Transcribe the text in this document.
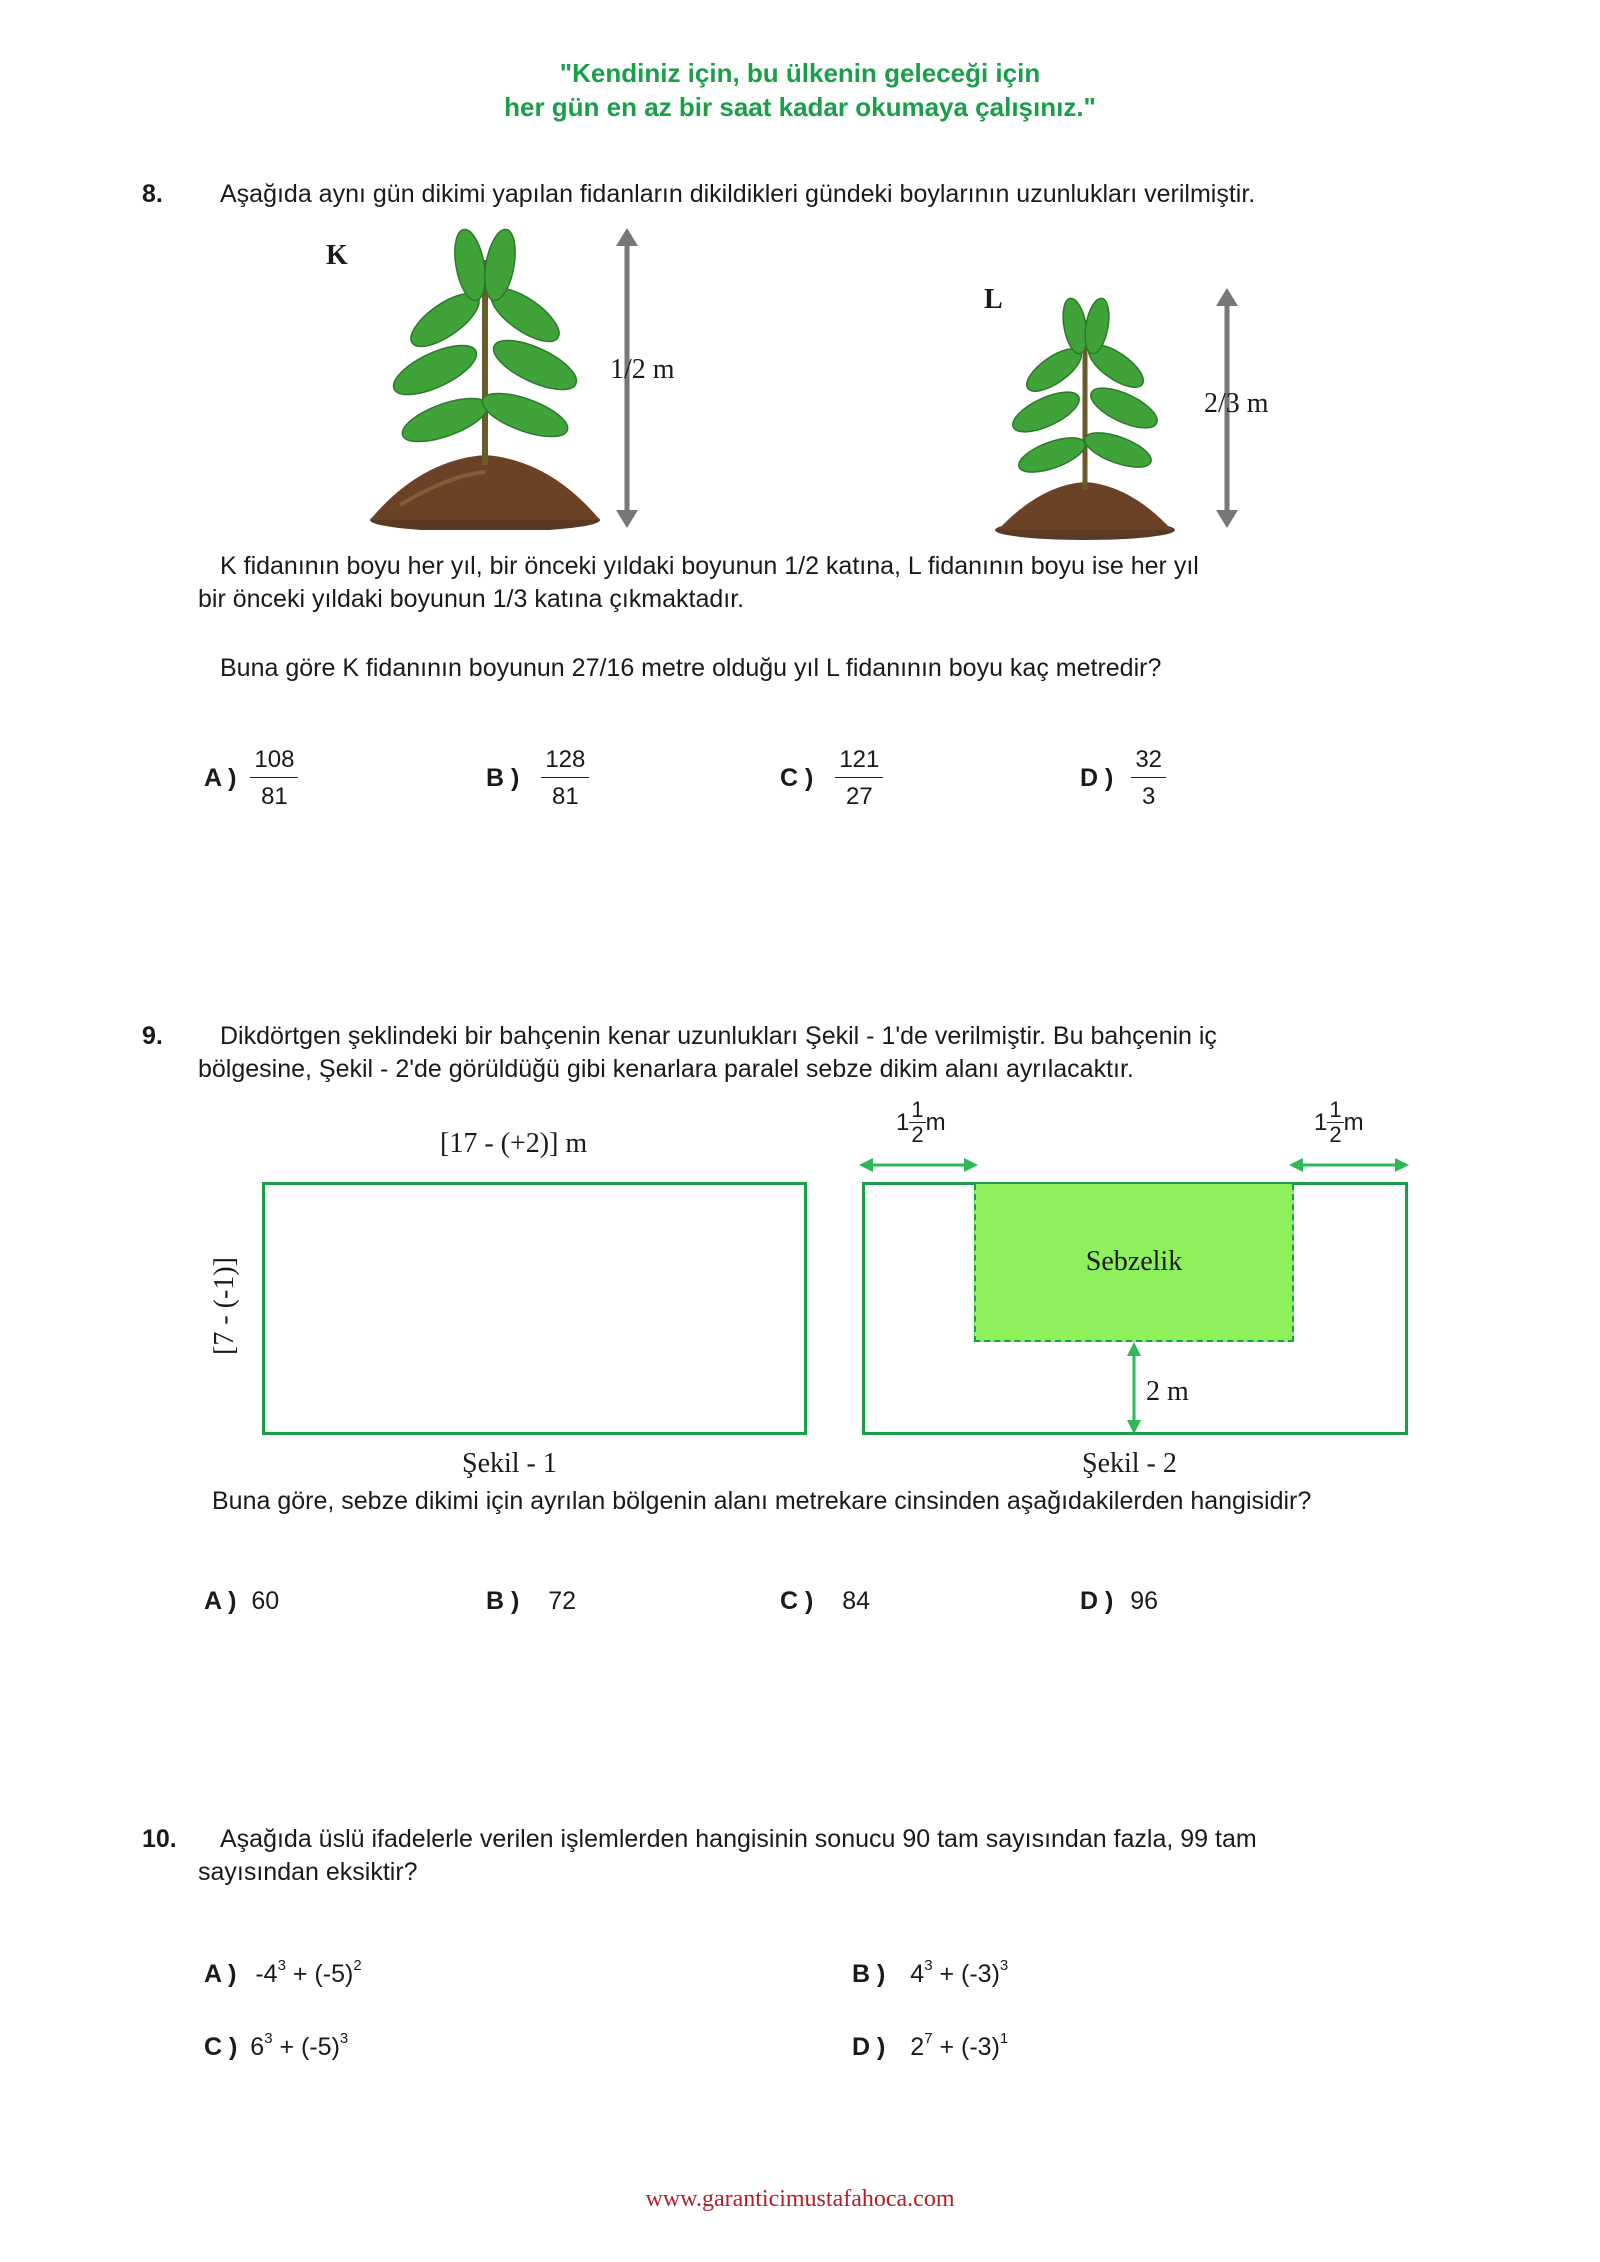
"Kendiniz için, bu ülkenin geleceği için
her gün en az bir saat kadar okumaya çalışınız."
8. Aşağıda aynı gün dikimi yapılan fidanların dikildikleri gündeki boylarının uzunlukları verilmiştir.
K
1/2 m
L
2/3 m
K fidanının boyu her yıl, bir önceki yıldaki boyunun 1/2 katına, L fidanının boyu ise her yıl
bir önceki yıldaki boyunun 1/3 katına çıkmaktadır.
Buna göre K fidanının boyunun 27/16 metre olduğu yıl L fidanının boyu kaç metredir?
A ) $\frac{108}{81}$	B ) $\frac{128}{81}$	C ) $\frac{121}{27}$	D ) $\frac{32}{3}$
9. Dikdörtgen şeklindeki bir bahçenin kenar uzunlukları Şekil - 1'de verilmiştir. Bu bahçenin iç
bölgesine, Şekil - 2'de görüldüğü gibi kenarlara paralel sebze dikim alanı ayrılacaktır.
[17 - (+2)] m
[7 - (-1)]
Şekil - 1
Sebzelik
$1 \frac{1}{2}$ m	$1 \frac{1}{2}$ m
2 m
Şekil - 2
Buna göre, sebze dikimi için ayrılan bölgenin alanı metrekare cinsinden aşağıdakilerden hangisidir?
A ) 60	B ) 72	C ) 84	D ) 96
10. Aşağıda üslü ifadelerle verilen işlemlerden hangisinin sonucu 90 tam sayısından fazla, 99 tam
sayısından eksiktir?
A ) $-4^3 + (-5)^2$	B ) $4^3 + (-3)^3$
C ) $6^3 + (-5)^3$	D ) $2^7 + (-3)^1$
www.garanticimustafahoca.com
